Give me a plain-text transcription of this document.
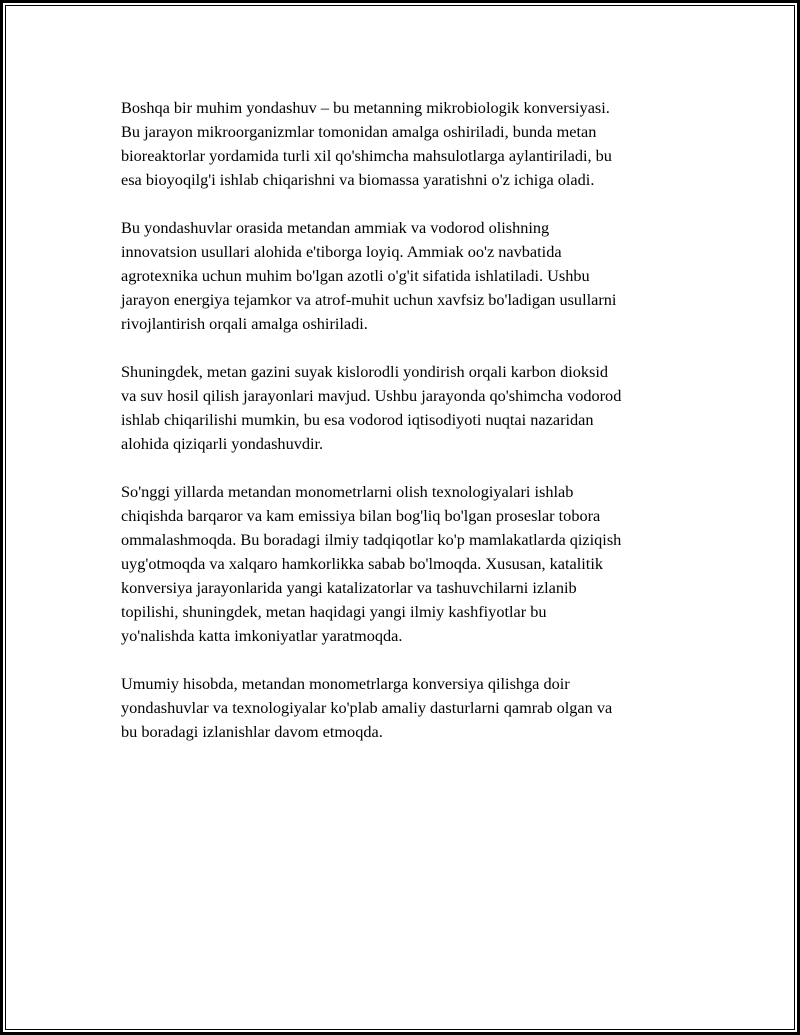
Boshqa bir muhim yondashuv – bu metanning mikrobiologik konversiyasi.
Bu jarayon mikroorganizmlar tomonidan amalga oshiriladi, bunda metan
bioreaktorlar yordamida turli xil qo'shimcha mahsulotlarga aylantiriladi, bu
esa bioyoqilg'i ishlab chiqarishni va biomassa yaratishni o'z ichiga oladi.

Bu yondashuvlar orasida metandan ammiak va vodorod olishning
innovatsion usullari alohida e'tiborga loyiq. Ammiak oo'z navbatida
agrotexnika uchun muhim bo'lgan azotli o'g'it sifatida ishlatiladi. Ushbu
jarayon energiya tejamkor va atrof-muhit uchun xavfsiz bo'ladigan usullarni
rivojlantirish orqali amalga oshiriladi.

Shuningdek, metan gazini suyak kislorodli yondirish orqali karbon dioksid
va suv hosil qilish jarayonlari mavjud. Ushbu jarayonda qo'shimcha vodorod
ishlab chiqarilishi mumkin, bu esa vodorod iqtisodiyoti nuqtai nazaridan
alohida qiziqarli yondashuvdir.

So'nggi yillarda metandan monometrlarni olish texnologiyalari ishlab
chiqishda barqaror va kam emissiya bilan bog'liq bo'lgan proseslar tobora
ommalashmoqda. Bu boradagi ilmiy tadqiqotlar ko'p mamlakatlarda qiziqish
uyg'otmoqda va xalqaro hamkorlikka sabab bo'lmoqda. Xususan, katalitik
konversiya jarayonlarida yangi katalizatorlar va tashuvchilarni izlanib
topilishi, shuningdek, metan haqidagi yangi ilmiy kashfiyotlar bu
yo'nalishda katta imkoniyatlar yaratmoqda.

Umumiy hisobda, metandan monometrlarga konversiya qilishga doir
yondashuvlar va texnologiyalar ko'plab amaliy dasturlarni qamrab olgan va
bu boradagi izlanishlar davom etmoqda.
